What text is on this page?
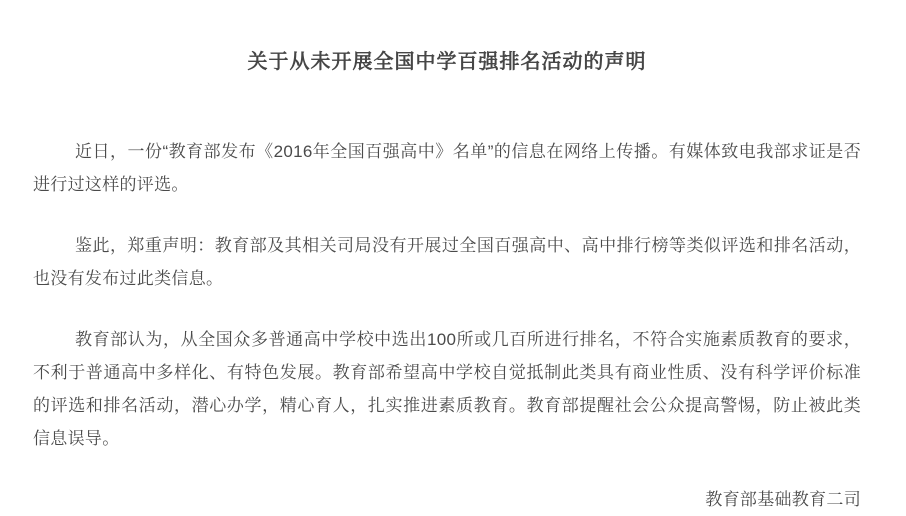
关于从未开展全国中学百强排名活动的声明

近日，一份“教育部发布《2016年全国百强高中》名单”的信息在网络上传播。有媒体致电我部求证是否进行过这样的评选。

鉴此，郑重声明：教育部及其相关司局没有开展过全国百强高中、高中排行榜等类似评选和排名活动，也没有发布过此类信息。

教育部认为，从全国众多普通高中学校中选出100所或几百所进行排名，不符合实施素质教育的要求，不利于普通高中多样化、有特色发展。教育部希望高中学校自觉抵制此类具有商业性质、没有科学评价标准的评选和排名活动，潜心办学，精心育人，扎实推进素质教育。教育部提醒社会公众提高警惕，防止被此类信息误导。

教育部基础教育二司
